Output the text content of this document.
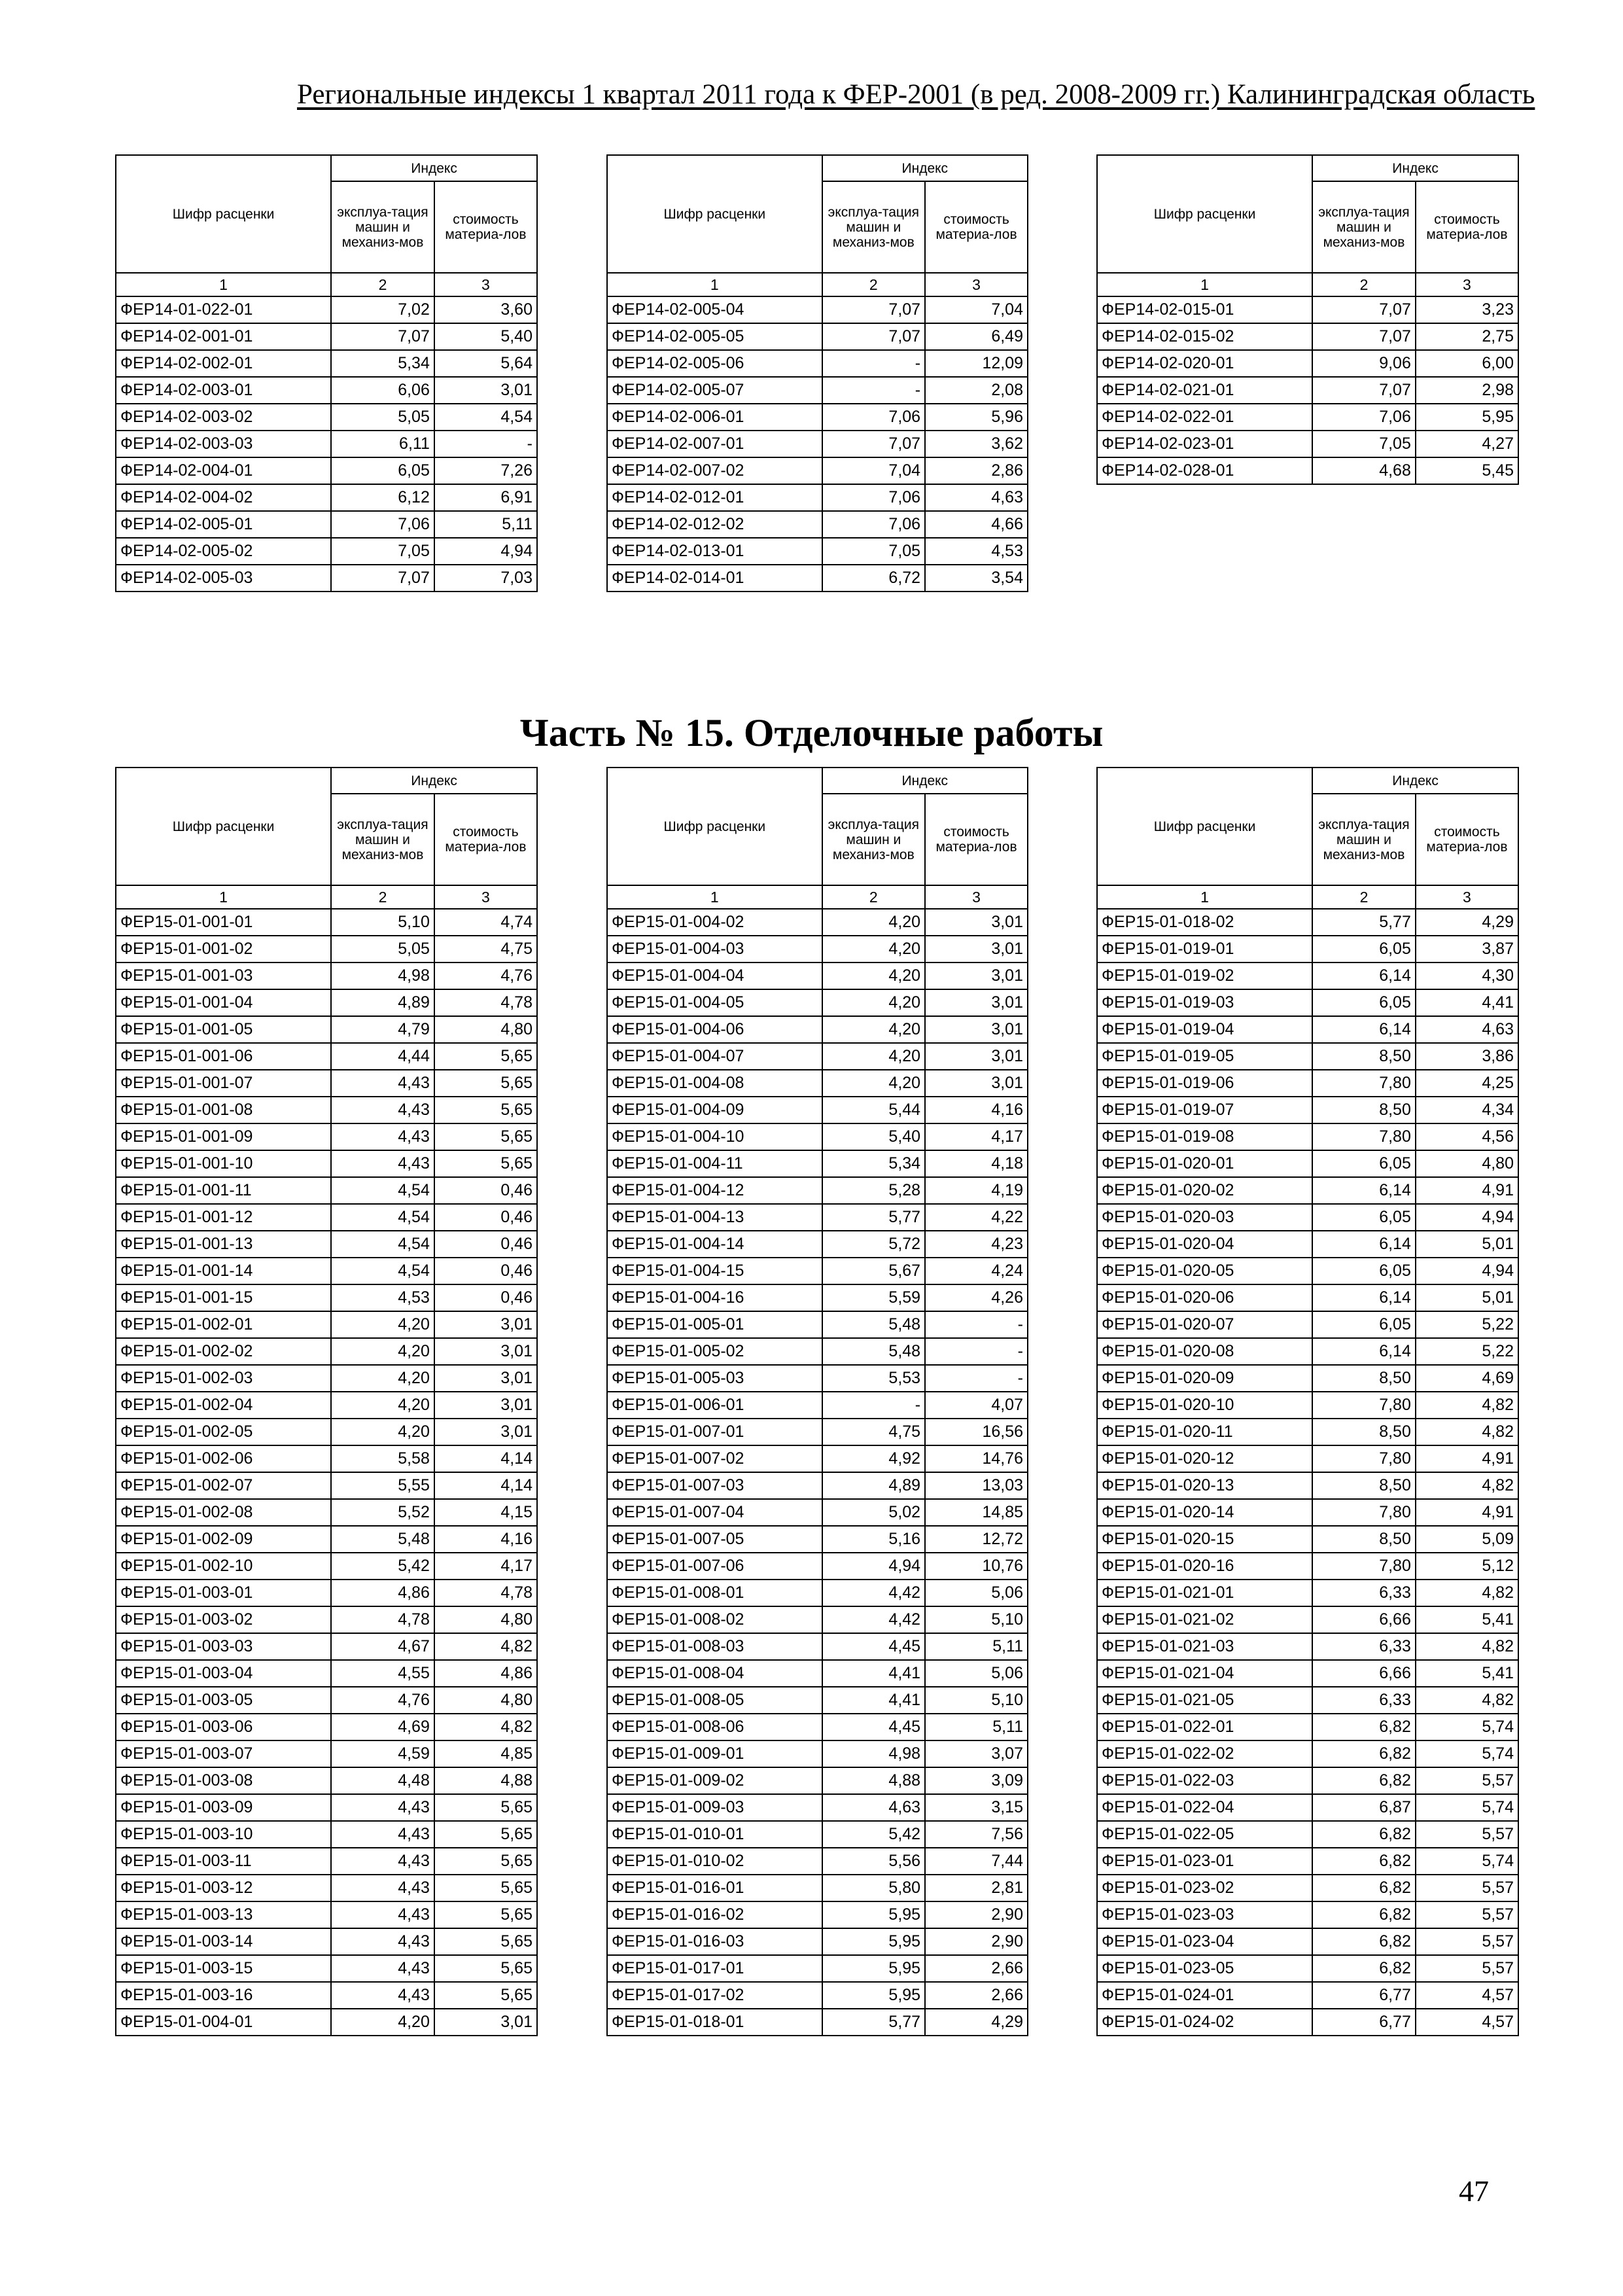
Региональные индексы 1 квартал 2011 года к ФЕР-2001 (в ред. 2008-2009 гг.) Калининградская область
Шифр расценки	Индекс	
	эксплуа-тация машин и механиз-мов	стоимость материа-лов
1	2	3
ФЕР14-01-022-01	7,02	3,60
ФЕР14-02-001-01	7,07	5,40
ФЕР14-02-002-01	5,34	5,64
ФЕР14-02-003-01	6,06	3,01
ФЕР14-02-003-02	5,05	4,54
ФЕР14-02-003-03	6,11	-
ФЕР14-02-004-01	6,05	7,26
ФЕР14-02-004-02	6,12	6,91
ФЕР14-02-005-01	7,06	5,11
ФЕР14-02-005-02	7,05	4,94
ФЕР14-02-005-03	7,07	7,03
Шифр расценки	Индекс	
	эксплуа-тация машин и механиз-мов	стоимость материа-лов
1	2	3
ФЕР14-02-005-04	7,07	7,04
ФЕР14-02-005-05	7,07	6,49
ФЕР14-02-005-06	-	12,09
ФЕР14-02-005-07	-	2,08
ФЕР14-02-006-01	7,06	5,96
ФЕР14-02-007-01	7,07	3,62
ФЕР14-02-007-02	7,04	2,86
ФЕР14-02-012-01	7,06	4,63
ФЕР14-02-012-02	7,06	4,66
ФЕР14-02-013-01	7,05	4,53
ФЕР14-02-014-01	6,72	3,54
Шифр расценки	Индекс	
	эксплуа-тация машин и механиз-мов	стоимость материа-лов
1	2	3
ФЕР14-02-015-01	7,07	3,23
ФЕР14-02-015-02	7,07	2,75
ФЕР14-02-020-01	9,06	6,00
ФЕР14-02-021-01	7,07	2,98
ФЕР14-02-022-01	7,06	5,95
ФЕР14-02-023-01	7,05	4,27
ФЕР14-02-028-01	4,68	5,45
Часть № 15. Отделочные работы
Шифр расценки	Индекс	
	эксплуа-тация машин и механиз-мов	стоимость материа-лов
1	2	3
ФЕР15-01-001-01	5,10	4,74
ФЕР15-01-001-02	5,05	4,75
ФЕР15-01-001-03	4,98	4,76
ФЕР15-01-001-04	4,89	4,78
ФЕР15-01-001-05	4,79	4,80
ФЕР15-01-001-06	4,44	5,65
ФЕР15-01-001-07	4,43	5,65
ФЕР15-01-001-08	4,43	5,65
ФЕР15-01-001-09	4,43	5,65
ФЕР15-01-001-10	4,43	5,65
ФЕР15-01-001-11	4,54	0,46
ФЕР15-01-001-12	4,54	0,46
ФЕР15-01-001-13	4,54	0,46
ФЕР15-01-001-14	4,54	0,46
ФЕР15-01-001-15	4,53	0,46
ФЕР15-01-002-01	4,20	3,01
ФЕР15-01-002-02	4,20	3,01
ФЕР15-01-002-03	4,20	3,01
ФЕР15-01-002-04	4,20	3,01
ФЕР15-01-002-05	4,20	3,01
ФЕР15-01-002-06	5,58	4,14
ФЕР15-01-002-07	5,55	4,14
ФЕР15-01-002-08	5,52	4,15
ФЕР15-01-002-09	5,48	4,16
ФЕР15-01-002-10	5,42	4,17
ФЕР15-01-003-01	4,86	4,78
ФЕР15-01-003-02	4,78	4,80
ФЕР15-01-003-03	4,67	4,82
ФЕР15-01-003-04	4,55	4,86
ФЕР15-01-003-05	4,76	4,80
ФЕР15-01-003-06	4,69	4,82
ФЕР15-01-003-07	4,59	4,85
ФЕР15-01-003-08	4,48	4,88
ФЕР15-01-003-09	4,43	5,65
ФЕР15-01-003-10	4,43	5,65
ФЕР15-01-003-11	4,43	5,65
ФЕР15-01-003-12	4,43	5,65
ФЕР15-01-003-13	4,43	5,65
ФЕР15-01-003-14	4,43	5,65
ФЕР15-01-003-15	4,43	5,65
ФЕР15-01-003-16	4,43	5,65
ФЕР15-01-004-01	4,20	3,01
Шифр расценки	Индекс	
	эксплуа-тация машин и механиз-мов	стоимость материа-лов
1	2	3
ФЕР15-01-004-02	4,20	3,01
ФЕР15-01-004-03	4,20	3,01
ФЕР15-01-004-04	4,20	3,01
ФЕР15-01-004-05	4,20	3,01
ФЕР15-01-004-06	4,20	3,01
ФЕР15-01-004-07	4,20	3,01
ФЕР15-01-004-08	4,20	3,01
ФЕР15-01-004-09	5,44	4,16
ФЕР15-01-004-10	5,40	4,17
ФЕР15-01-004-11	5,34	4,18
ФЕР15-01-004-12	5,28	4,19
ФЕР15-01-004-13	5,77	4,22
ФЕР15-01-004-14	5,72	4,23
ФЕР15-01-004-15	5,67	4,24
ФЕР15-01-004-16	5,59	4,26
ФЕР15-01-005-01	5,48	-
ФЕР15-01-005-02	5,48	-
ФЕР15-01-005-03	5,53	-
ФЕР15-01-006-01	-	4,07
ФЕР15-01-007-01	4,75	16,56
ФЕР15-01-007-02	4,92	14,76
ФЕР15-01-007-03	4,89	13,03
ФЕР15-01-007-04	5,02	14,85
ФЕР15-01-007-05	5,16	12,72
ФЕР15-01-007-06	4,94	10,76
ФЕР15-01-008-01	4,42	5,06
ФЕР15-01-008-02	4,42	5,10
ФЕР15-01-008-03	4,45	5,11
ФЕР15-01-008-04	4,41	5,06
ФЕР15-01-008-05	4,41	5,10
ФЕР15-01-008-06	4,45	5,11
ФЕР15-01-009-01	4,98	3,07
ФЕР15-01-009-02	4,88	3,09
ФЕР15-01-009-03	4,63	3,15
ФЕР15-01-010-01	5,42	7,56
ФЕР15-01-010-02	5,56	7,44
ФЕР15-01-016-01	5,80	2,81
ФЕР15-01-016-02	5,95	2,90
ФЕР15-01-016-03	5,95	2,90
ФЕР15-01-017-01	5,95	2,66
ФЕР15-01-017-02	5,95	2,66
ФЕР15-01-018-01	5,77	4,29
Шифр расценки	Индекс	
	эксплуа-тация машин и механиз-мов	стоимость материа-лов
1	2	3
ФЕР15-01-018-02	5,77	4,29
ФЕР15-01-019-01	6,05	3,87
ФЕР15-01-019-02	6,14	4,30
ФЕР15-01-019-03	6,05	4,41
ФЕР15-01-019-04	6,14	4,63
ФЕР15-01-019-05	8,50	3,86
ФЕР15-01-019-06	7,80	4,25
ФЕР15-01-019-07	8,50	4,34
ФЕР15-01-019-08	7,80	4,56
ФЕР15-01-020-01	6,05	4,80
ФЕР15-01-020-02	6,14	4,91
ФЕР15-01-020-03	6,05	4,94
ФЕР15-01-020-04	6,14	5,01
ФЕР15-01-020-05	6,05	4,94
ФЕР15-01-020-06	6,14	5,01
ФЕР15-01-020-07	6,05	5,22
ФЕР15-01-020-08	6,14	5,22
ФЕР15-01-020-09	8,50	4,69
ФЕР15-01-020-10	7,80	4,82
ФЕР15-01-020-11	8,50	4,82
ФЕР15-01-020-12	7,80	4,91
ФЕР15-01-020-13	8,50	4,82
ФЕР15-01-020-14	7,80	4,91
ФЕР15-01-020-15	8,50	5,09
ФЕР15-01-020-16	7,80	5,12
ФЕР15-01-021-01	6,33	4,82
ФЕР15-01-021-02	6,66	5,41
ФЕР15-01-021-03	6,33	4,82
ФЕР15-01-021-04	6,66	5,41
ФЕР15-01-021-05	6,33	4,82
ФЕР15-01-022-01	6,82	5,74
ФЕР15-01-022-02	6,82	5,74
ФЕР15-01-022-03	6,82	5,57
ФЕР15-01-022-04	6,87	5,74
ФЕР15-01-022-05	6,82	5,57
ФЕР15-01-023-01	6,82	5,74
ФЕР15-01-023-02	6,82	5,57
ФЕР15-01-023-03	6,82	5,57
ФЕР15-01-023-04	6,82	5,57
ФЕР15-01-023-05	6,82	5,57
ФЕР15-01-024-01	6,77	4,57
ФЕР15-01-024-02	6,77	4,57
47
